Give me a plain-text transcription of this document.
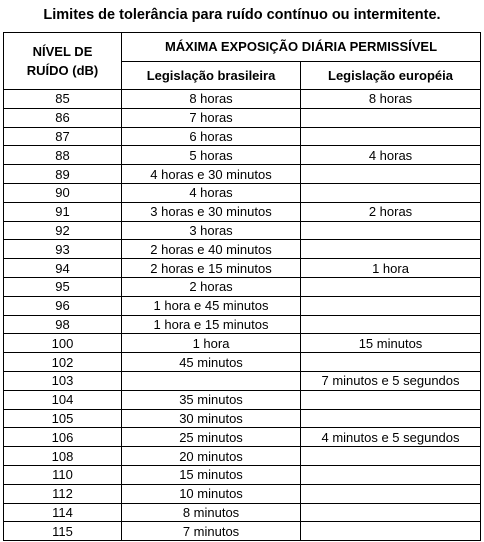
Limites de tolerância para ruído contínuo ou intermitente.
NÍVEL DE
RUÍDO (dB)	MÁXIMA EXPOSIÇÃO DIÁRIA PERMISSÍVEL	
	Legislação brasileira	Legislação européia
85	8 horas	8 horas
86	7 horas	
87	6 horas	
88	5 horas	4 horas
89	4 horas e 30 minutos	
90	4 horas	
91	3 horas e 30 minutos	2 horas
92	3 horas	
93	2 horas e 40 minutos	
94	2 horas e 15 minutos	1 hora
95	2 horas	
96	1 hora e 45 minutos	
98	1 hora e 15 minutos	
100	1 hora	15 minutos
102	45 minutos	
103		7 minutos e 5 segundos
104	35 minutos	
105	30 minutos	
106	25 minutos	4 minutos e 5 segundos
108	20 minutos	
110	15 minutos	
112	10 minutos	
114	8 minutos	
115	7 minutos	
